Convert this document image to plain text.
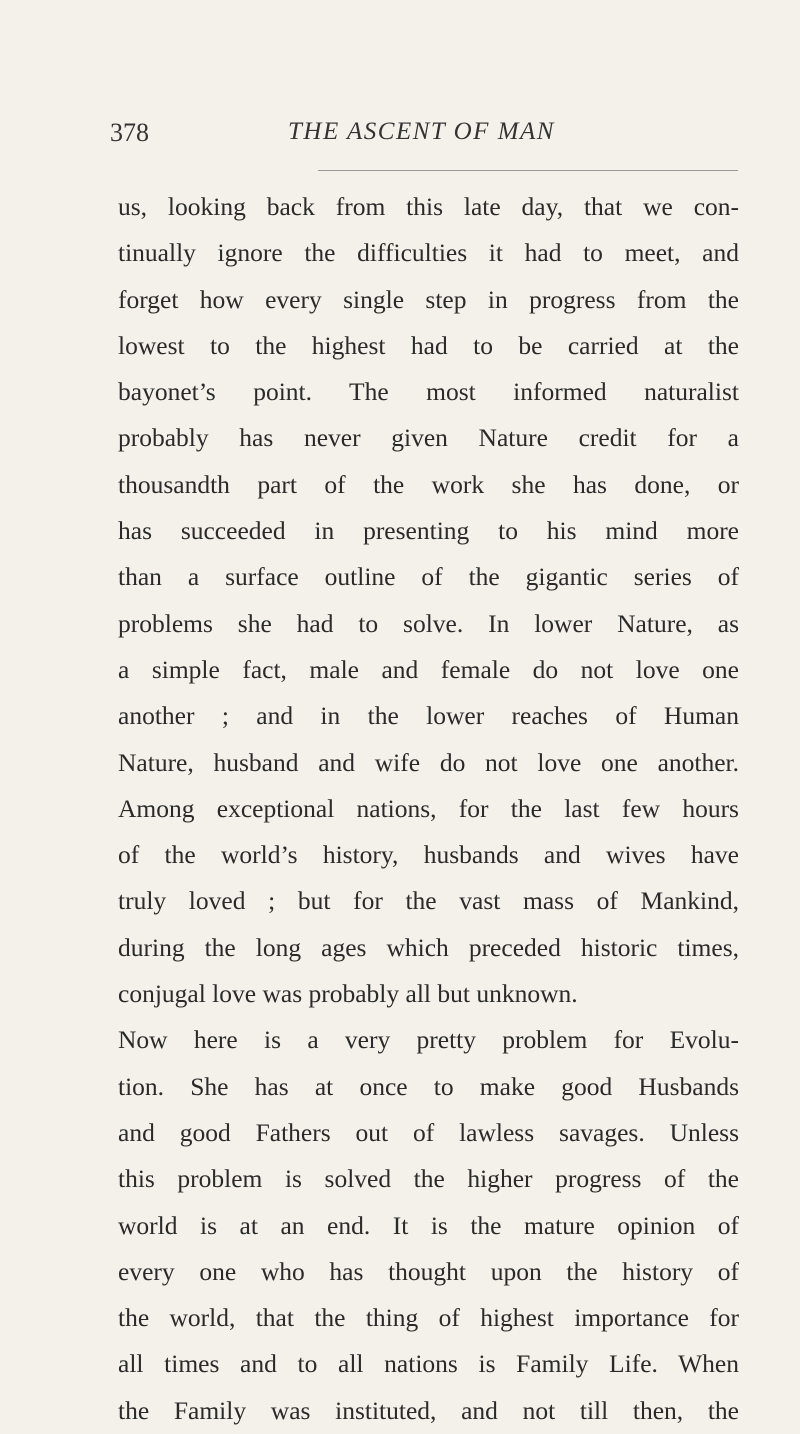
378	THE ASCENT OF MAN
us, looking back from this late day, that we con-
tinually ignore the difficulties it had to meet, and
forget how every single step in progress from the
lowest to the highest had to be carried at the
bayonet’s point. The most informed naturalist
probably has never given Nature credit for a
thousandth part of the work she has done, or
has succeeded in presenting to his mind more
than a surface outline of the gigantic series of
problems she had to solve. In lower Nature, as
a simple fact, male and female do not love one
another ; and in the lower reaches of Human
Nature, husband and wife do not love one another.
Among exceptional nations, for the last few hours
of the world’s history, husbands and wives have
truly loved ; but for the vast mass of Mankind,
during the long ages which preceded historic times,
conjugal love was probably all but unknown.
Now here is a very pretty problem for Evolu-
tion. She has at once to make good Husbands
and good Fathers out of lawless savages. Unless
this problem is solved the higher progress of the
world is at an end. It is the mature opinion of
every one who has thought upon the history of
the world, that the thing of highest importance for
all times and to all nations is Family Life. When
the Family was instituted, and not till then, the
